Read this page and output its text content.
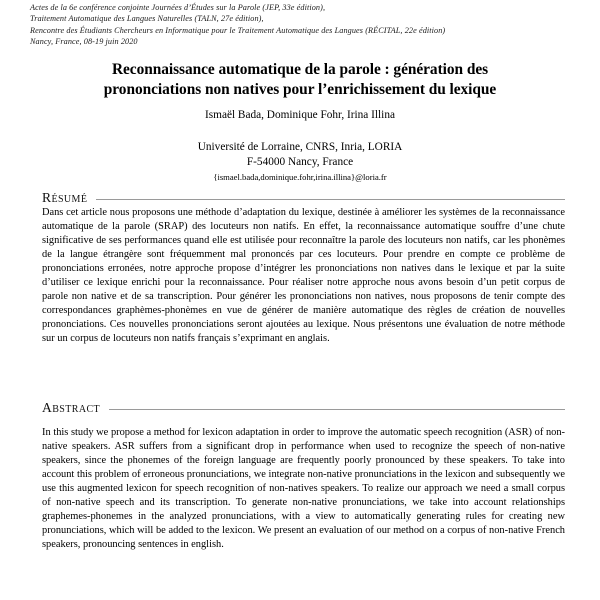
Actes de la 6e conférence conjointe Journées d’Études sur la Parole (JEP, 33e édition),
Traitement Automatique des Langues Naturelles (TALN, 27e édition),
Rencontre des Étudiants Chercheurs en Informatique pour le Traitement Automatique des Langues (RÉCITAL, 22e édition)
Nancy, France, 08-19 juin 2020
Reconnaissance automatique de la parole : génération des
prononciations non natives pour l’enrichissement du lexique
Ismaël Bada, Dominique Fohr, Irina Illina
Université de Lorraine, CNRS, Inria, LORIA
F-54000 Nancy, France
{ismael.bada,dominique.fohr,irina.illina}@loria.fr
Résumé
Dans cet article nous proposons une méthode d’adaptation du lexique, destinée à améliorer les systèmes de la reconnaissance automatique de la parole (SRAP) des locuteurs non natifs. En effet, la reconnaissance automatique souffre d’une chute significative de ses performances quand elle est utilisée pour reconnaître la parole des locuteurs non natifs, car les phonèmes de la langue étrangère sont fréquemment mal prononcés par ces locuteurs. Pour prendre en compte ce problème de prononciations erronées, notre approche propose d’intégrer les prononciations non natives dans le lexique et par la suite d’utiliser ce lexique enrichi pour la reconnaissance. Pour réaliser notre approche nous avons besoin d’un petit corpus de parole non native et de sa transcription. Pour générer les prononciations non natives, nous proposons de tenir compte des correspondances graphèmes-phonèmes en vue de générer de manière automatique des règles de création de nouvelles prononciations. Ces nouvelles prononciations seront ajoutées au lexique. Nous présentons une évaluation de notre méthode sur un corpus de locuteurs non natifs français s’exprimant en anglais.
Abstract
In this study we propose a method for lexicon adaptation in order to improve the automatic speech recognition (ASR) of non-native speakers. ASR suffers from a significant drop in performance when used to recognize the speech of non-native speakers, since the phonemes of the foreign language are frequently poorly pronounced by these speakers. To take into account this problem of erroneous pronunciations, we integrate non-native pronunciations in the lexicon and subsequently we use this augmented lexicon for speech recognition of non-natives speakers. To realize our approach we need a small corpus of non-native speech and its transcription. To generate non-native pronunciations, we take into account relationships graphemes-phonemes in the analyzed pronunciations, with a view to automatically generating rules for creating new pronunciations, which will be added to the lexicon. We present an evaluation of our method on a corpus of non-native French speakers, pronouncing sentences in english.
